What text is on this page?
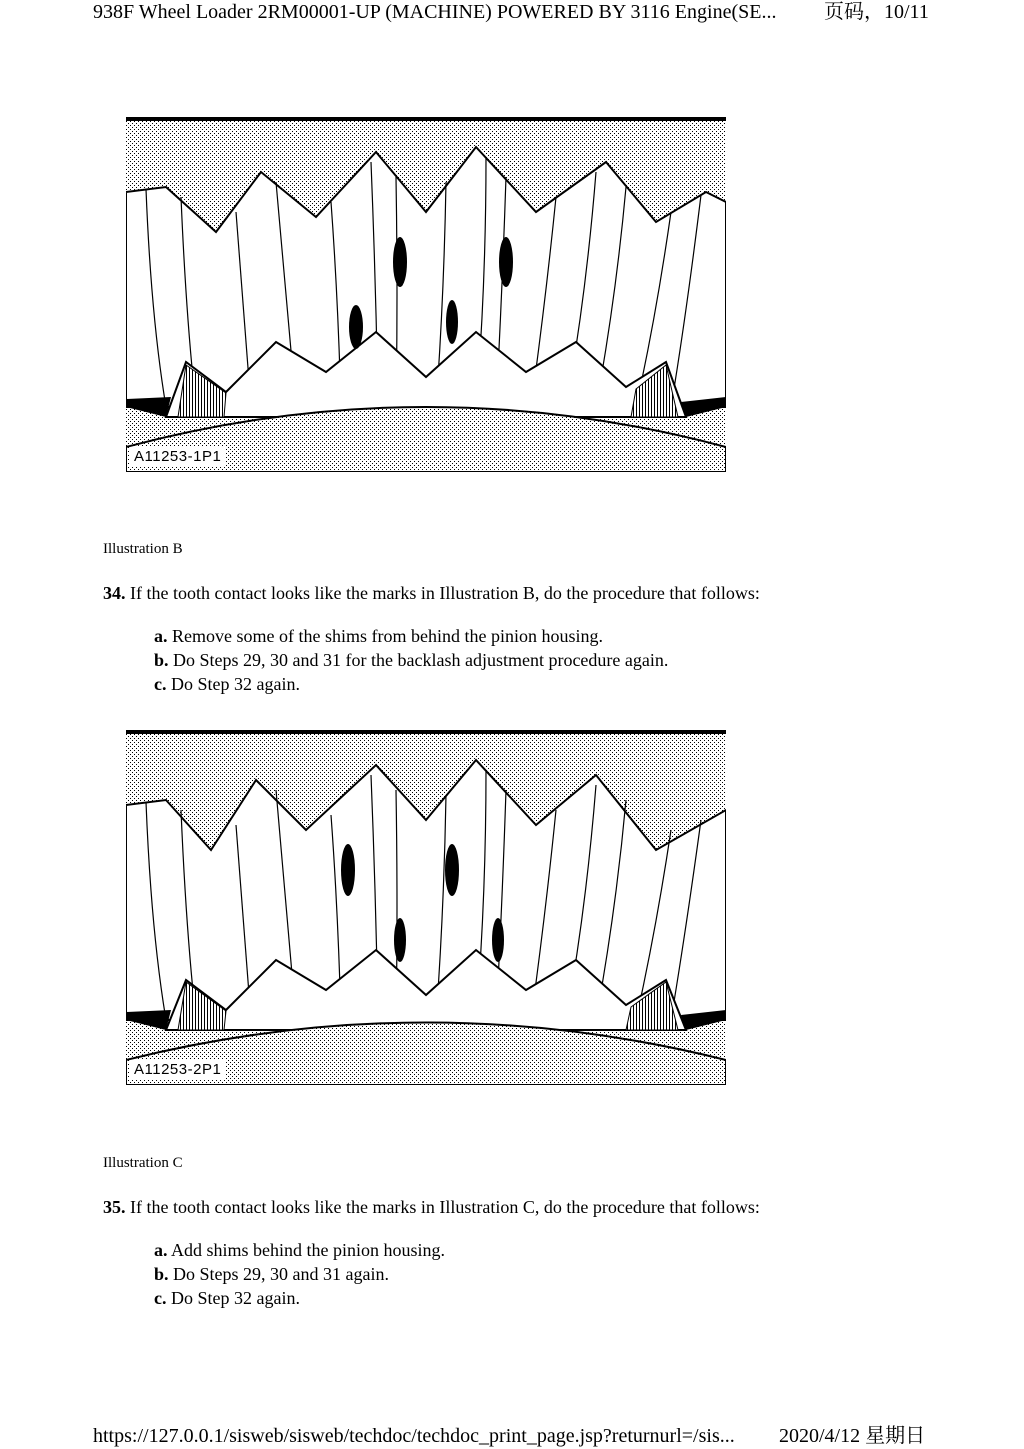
938F Wheel Loader 2RM00001-UP (MACHINE) POWERED BY 3116 Engine(SE... 页码，10/11
A11253-1P1
Illustration B
34. If the tooth contact looks like the marks in Illustration B, do the procedure that follows:
a. Remove some of the shims from behind the pinion housing.
b. Do Steps 29, 30 and 31 for the backlash adjustment procedure again.
c. Do Step 32 again.
A11253-2P1
Illustration C
35. If the tooth contact looks like the marks in Illustration C, do the procedure that follows:
a. Add shims behind the pinion housing.
b. Do Steps 29, 30 and 31 again.
c. Do Step 32 again.
https://127.0.0.1/sisweb/sisweb/techdoc/techdoc_print_page.jsp?returnurl=/sis... 2020/4/12 星期日
